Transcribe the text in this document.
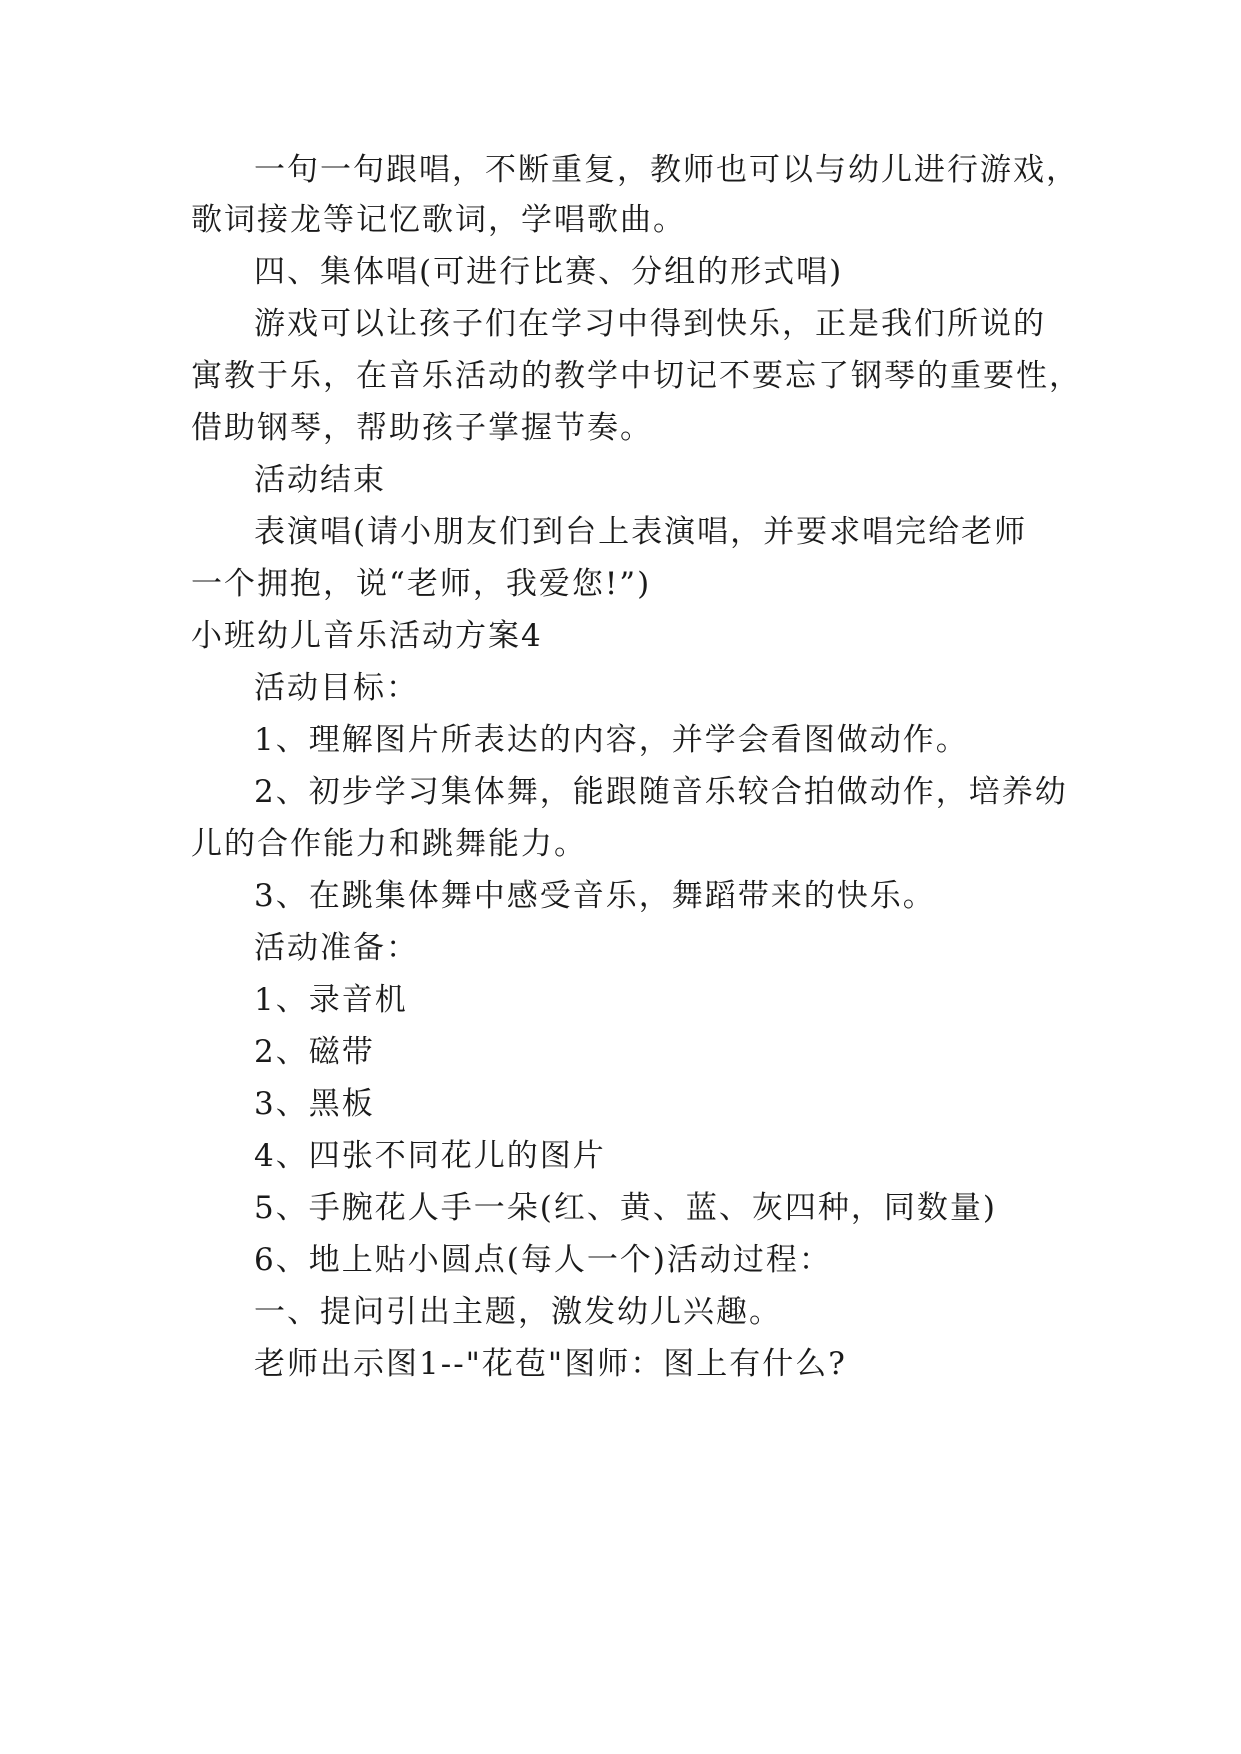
一句一句跟唱，不断重复，教师也可以与幼儿进行游戏，
歌词接龙等记忆歌词，学唱歌曲。
四、集体唱(可进行比赛、分组的形式唱)
游戏可以让孩子们在学习中得到快乐，正是我们所说的
寓教于乐，在音乐活动的教学中切记不要忘了钢琴的重要性，
借助钢琴，帮助孩子掌握节奏。
活动结束
表演唱(请小朋友们到台上表演唱，并要求唱完给老师
一个拥抱，说“老师，我爱您!”)
小班幼儿音乐活动方案4
活动目标：
1、理解图片所表达的内容，并学会看图做动作。
2、初步学习集体舞，能跟随音乐较合拍做动作，培养幼
儿的合作能力和跳舞能力。
3、在跳集体舞中感受音乐，舞蹈带来的快乐。
活动准备：
1、录音机
2、磁带
3、黑板
4、四张不同花儿的图片
5、手腕花人手一朵(红、黄、蓝、灰四种，同数量)
6、地上贴小圆点(每人一个)活动过程：
一、提问引出主题，激发幼儿兴趣。
老师出示图1--"花苞"图师：图上有什么?
